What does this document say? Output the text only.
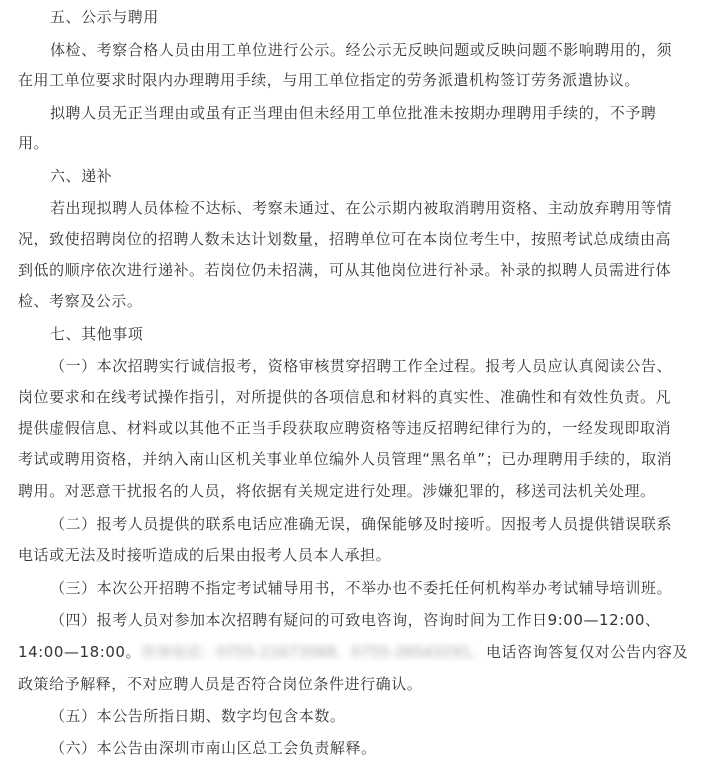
五、公示与聘用
体检、考察合格人员由用工单位进行公示。经公示无反映问题或反映问题不影响聘用的，须
在用工单位要求时限内办理聘用手续，与用工单位指定的劳务派遣机构签订劳务派遣协议。
拟聘人员无正当理由或虽有正当理由但未经用工单位批准未按期办理聘用手续的，不予聘
用。
六、递补
若出现拟聘人员体检不达标、考察未通过、在公示期内被取消聘用资格、主动放弃聘用等情
况，致使招聘岗位的招聘人数未达计划数量，招聘单位可在本岗位考生中，按照考试总成绩由高
到低的顺序依次进行递补。若岗位仍未招满，可从其他岗位进行补录。补录的拟聘人员需进行体
检、考察及公示。
七、其他事项
（一）本次招聘实行诚信报考，资格审核贯穿招聘工作全过程。报考人员应认真阅读公告、
岗位要求和在线考试操作指引，对所提供的各项信息和材料的真实性、准确性和有效性负责。凡
提供虚假信息、材料或以其他不正当手段获取应聘资格等违反招聘纪律行为的，一经发现即取消
考试或聘用资格，并纳入南山区机关事业单位编外人员管理“黑名单”；已办理聘用手续的，取消
聘用。对恶意干扰报名的人员，将依据有关规定进行处理。涉嫌犯罪的，移送司法机关处理。
（二）报考人员提供的联系电话应准确无误，确保能够及时接听。因报考人员提供错误联系
电话或无法及时接听造成的后果由报考人员本人承担。
（三）本次公开招聘不指定考试辅导用书，不举办也不委托任何机构举办考试辅导培训班。
（四）报考人员对参加本次招聘有疑问的可致电咨询，咨询时间为工作日9:00—12:00、
14:00—18:00。咨询电话：0755-21673568、0755-26543291。电话咨询答复仅对公告内容及
政策给予解释，不对应聘人员是否符合岗位条件进行确认。
（五）本公告所指日期、数字均包含本数。
（六）本公告由深圳市南山区总工会负责解释。
